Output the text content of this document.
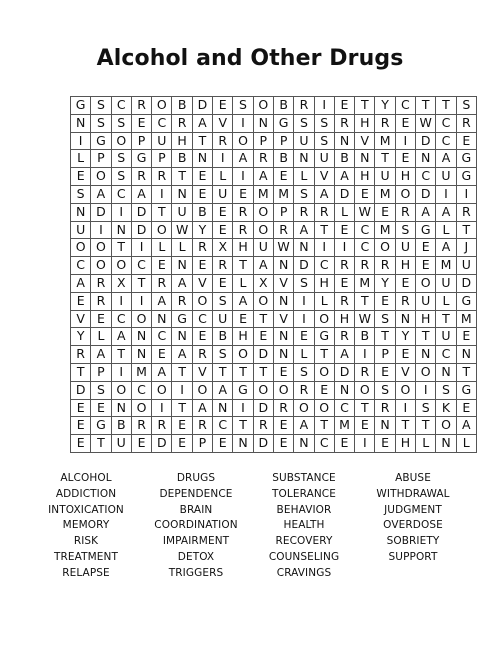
Alcohol and Other Drugs
G	S	C	R	O	B	D	E	S	O	B	R	I	E	T	Y	C	T	T	S
N	S	S	E	C	R	A	V	I	N	G	S	S	R	H	R	E	W	C	R
I	G	O	P	U	H	T	R	O	P	P	U	S	N	V	M	I	D	C	E
L	P	S	G	P	B	N	I	A	R	B	N	U	B	N	T	E	N	A	G
E	O	S	R	R	T	E	L	I	A	E	L	V	A	H	U	H	C	U	G
S	A	C	A	I	N	E	U	E	M	M	S	A	D	E	M	O	D	I	I
N	D	I	D	T	U	B	E	R	O	P	R	R	L	W	E	R	A	A	R
U	I	N	D	O	W	Y	E	R	O	R	A	T	E	C	M	S	G	L	T
O	O	T	I	L	L	R	X	H	U	W	N	I	I	C	O	U	E	A	J
C	O	O	C	E	N	E	R	T	A	N	D	C	R	R	R	H	E	M	U
A	R	X	T	R	A	V	E	L	X	V	S	H	E	M	Y	E	O	U	D
E	R	I	I	A	R	O	S	A	O	N	I	L	R	T	E	R	U	L	G
V	E	C	O	N	G	C	U	E	T	V	I	O	H	W	S	N	H	T	M
Y	L	A	N	C	N	E	B	H	E	N	E	G	R	B	T	Y	T	U	E
R	A	T	N	E	A	R	S	O	D	N	L	T	A	I	P	E	N	C	N
T	P	I	M	A	T	V	T	T	T	E	S	O	D	R	E	V	O	N	T
D	S	O	C	O	I	O	A	G	O	O	R	E	N	O	S	O	I	S	G
E	E	N	O	I	T	A	N	I	D	R	O	O	C	T	R	I	S	K	E
E	G	B	R	R	E	R	C	T	R	E	A	T	M	E	N	T	T	O	A
E	T	U	E	D	E	P	E	N	D	E	N	C	E	I	E	H	L	N	L
ALCOHOL
ADDICTION
INTOXICATION
MEMORY
RISK
TREATMENT
RELAPSE
DRUGS
DEPENDENCE
BRAIN
COORDINATION
IMPAIRMENT
DETOX
TRIGGERS
SUBSTANCE
TOLERANCE
BEHAVIOR
HEALTH
RECOVERY
COUNSELING
CRAVINGS
ABUSE
WITHDRAWAL
JUDGMENT
OVERDOSE
SOBRIETY
SUPPORT
